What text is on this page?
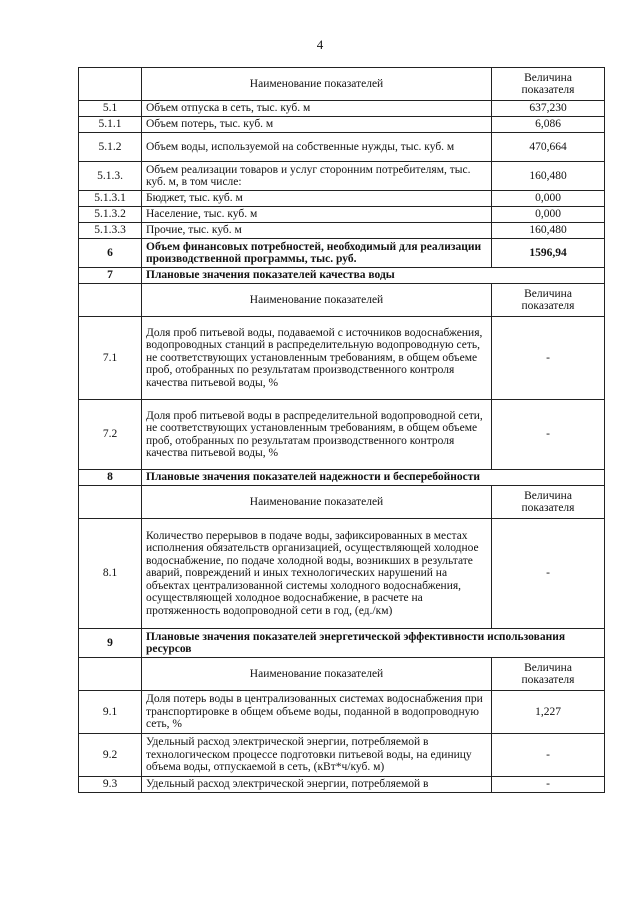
4
	Наименование показателей	Величина
показателя
5.1	Объем отпуска в сеть, тыс. куб. м	637,230
5.1.1	Объем потерь, тыс. куб. м	6,086
5.1.2	Объем воды, используемой на собственные нужды, тыс. куб. м	470,664
5.1.3.	Объем реализации товаров и услуг сторонним потребителям, тыс. куб. м, в том числе:	160,480
5.1.3.1	Бюджет, тыс. куб. м	0,000
5.1.3.2	Население, тыс. куб. м	0,000
5.1.3.3	Прочие, тыс. куб. м	160,480
6	Объем финансовых потребностей, необходимый для реализации производственной программы, тыс. руб.	1596,94
7	Плановые значения показателей качества воды	
	Наименование показателей	Величина
показателя
7.1	Доля проб питьевой воды, подаваемой с источников водоснабжения, водопроводных станций в распределительную водопроводную сеть, не соответствующих установленным требованиям, в общем объеме проб, отобранных по результатам производственного контроля качества питьевой воды, %	-
7.2	Доля проб питьевой воды в распределительной водопроводной сети, не соответствующих установленным требованиям, в общем объеме проб, отобранных по результатам производственного контроля качества питьевой воды, %	-
8	Плановые значения показателей надежности и бесперебойности	
	Наименование показателей	Величина
показателя
8.1	Количество перерывов в подаче воды, зафиксированных в местах исполнения обязательств организацией, осуществляющей холодное водоснабжение, по подаче холодной воды, возникших в результате аварий, повреждений и иных технологических нарушений на объектах централизованной системы холодного водоснабжения, осуществляющей холодное водоснабжение, в расчете на протяженность водопроводной сети в год, (ед./км)	-
9	Плановые значения показателей энергетической эффективности использования ресурсов	
	Наименование показателей	Величина
показателя
9.1	Доля потерь воды в централизованных системах водоснабжения при транспортировке в общем объеме воды, поданной в водопроводную сеть, %	1,227
9.2	Удельный расход электрической энергии, потребляемой в технологическом процессе подготовки питьевой воды, на единицу объема воды, отпускаемой в сеть, (кВт*ч/куб. м)	-
9.3	Удельный расход электрической энергии, потребляемой в	-
